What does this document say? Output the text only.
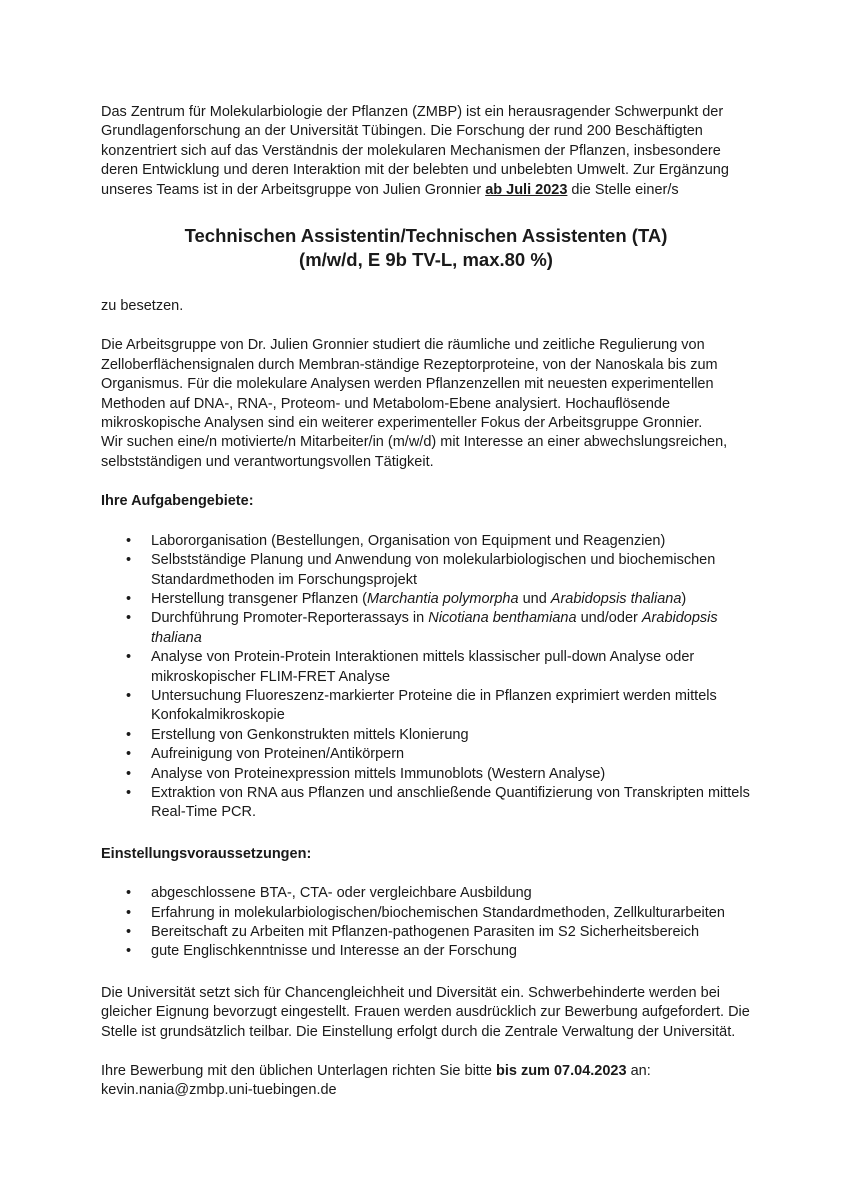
Das Zentrum für Molekularbiologie der Pflanzen (ZMBP) ist ein herausragender Schwerpunkt der Grundlagenforschung an der Universität Tübingen. Die Forschung der rund 200 Beschäftigten konzentriert sich auf das Verständnis der molekularen Mechanismen der Pflanzen, insbesondere deren Entwicklung und deren Interaktion mit der belebten und unbelebten Umwelt. Zur Ergänzung unseres Teams ist in der Arbeitsgruppe von Julien Gronnier ab Juli 2023 die Stelle einer/s

Technischen Assistentin/Technischen Assistenten (TA)
(m/w/d, E 9b TV-L, max.80 %)

zu besetzen.

Die Arbeitsgruppe von Dr. Julien Gronnier studiert die räumliche und zeitliche Regulierung von Zelloberflächensignalen durch Membran-ständige Rezeptorproteine, von der Nanoskala bis zum Organismus. Für die molekulare Analysen werden Pflanzenzellen mit neuesten experimentellen Methoden auf DNA-, RNA-, Proteom- und Metabolom-Ebene analysiert. Hochauflösende mikroskopische Analysen sind ein weiterer experimenteller Fokus der Arbeitsgruppe Gronnier.

Wir suchen eine/n motivierte/n Mitarbeiter/in (m/w/d) mit Interesse an einer abwechslungsreichen, selbstständigen und verantwortungsvollen Tätigkeit.

Ihre Aufgabengebiete:

• Labororganisation (Bestellungen, Organisation von Equipment und Reagenzien)
• Selbstständige Planung und Anwendung von molekularbiologischen und biochemischen Standardmethoden im Forschungsprojekt
• Herstellung transgener Pflanzen (Marchantia polymorpha und Arabidopsis thaliana)
• Durchführung Promoter-Reporterassays in Nicotiana benthamiana und/oder Arabidopsis thaliana
• Analyse von Protein-Protein Interaktionen mittels klassischer pull-down Analyse oder mikroskopischer FLIM-FRET Analyse
• Untersuchung Fluoreszenz-markierter Proteine die in Pflanzen exprimiert werden mittels Konfokalmikroskopie
• Erstellung von Genkonstrukten mittels Klonierung
• Aufreinigung von Proteinen/Antikörpern
• Analyse von Proteinexpression mittels Immunoblots (Western Analyse)
• Extraktion von RNA aus Pflanzen und anschließende Quantifizierung von Transkripten mittels Real-Time PCR.

Einstellungsvoraussetzungen:

• abgeschlossene BTA-, CTA- oder vergleichbare Ausbildung
• Erfahrung in molekularbiologischen/biochemischen Standardmethoden, Zellkulturarbeiten
• Bereitschaft zu Arbeiten mit Pflanzen-pathogenen Parasiten im S2 Sicherheitsbereich
• gute Englischkenntnisse und Interesse an der Forschung

Die Universität setzt sich für Chancengleichheit und Diversität ein. Schwerbehinderte werden bei gleicher Eignung bevorzugt eingestellt. Frauen werden ausdrücklich zur Bewerbung aufgefordert. Die Stelle ist grundsätzlich teilbar. Die Einstellung erfolgt durch die Zentrale Verwaltung der Universität.

Ihre Bewerbung mit den üblichen Unterlagen richten Sie bitte bis zum 07.04.2023 an:
kevin.nania@zmbp.uni-tuebingen.de
